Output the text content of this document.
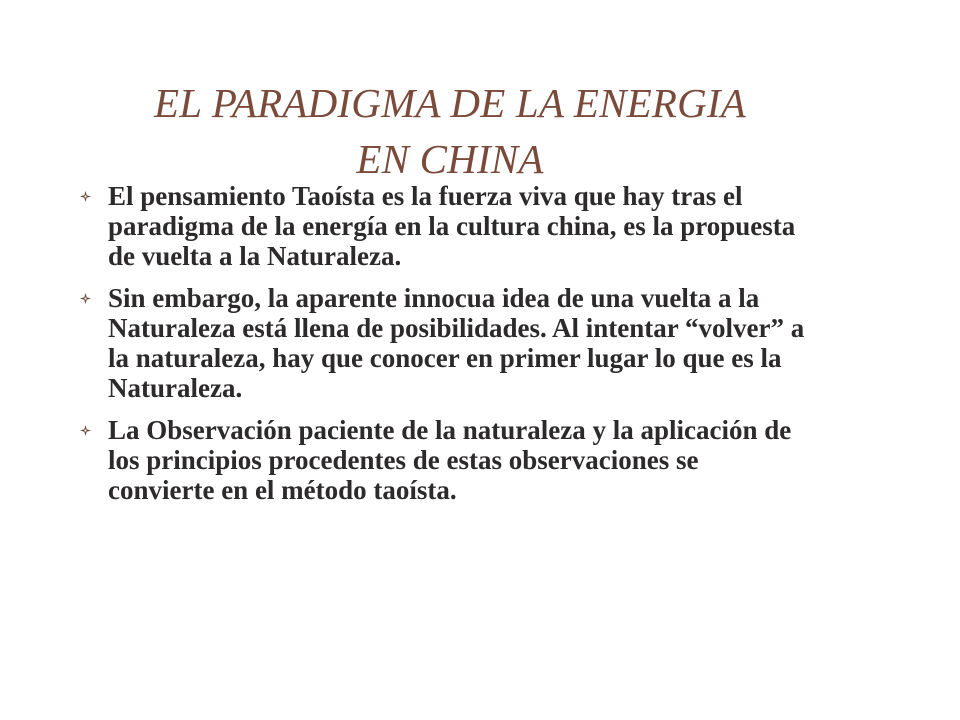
EL PARADIGMA DE LA ENERGIA
EN CHINA
El pensamiento Taoísta es la fuerza viva que hay tras el paradigma de la energía en la cultura china, es la propuesta de vuelta a la Naturaleza.
Sin embargo, la aparente innocua idea de una vuelta a la Naturaleza está llena de posibilidades. Al intentar “volver” a la naturaleza, hay que conocer en primer lugar lo que es la Naturaleza.
La Observación paciente de la naturaleza y la aplicación de los principios procedentes de estas observaciones se convierte en el método taoísta.
